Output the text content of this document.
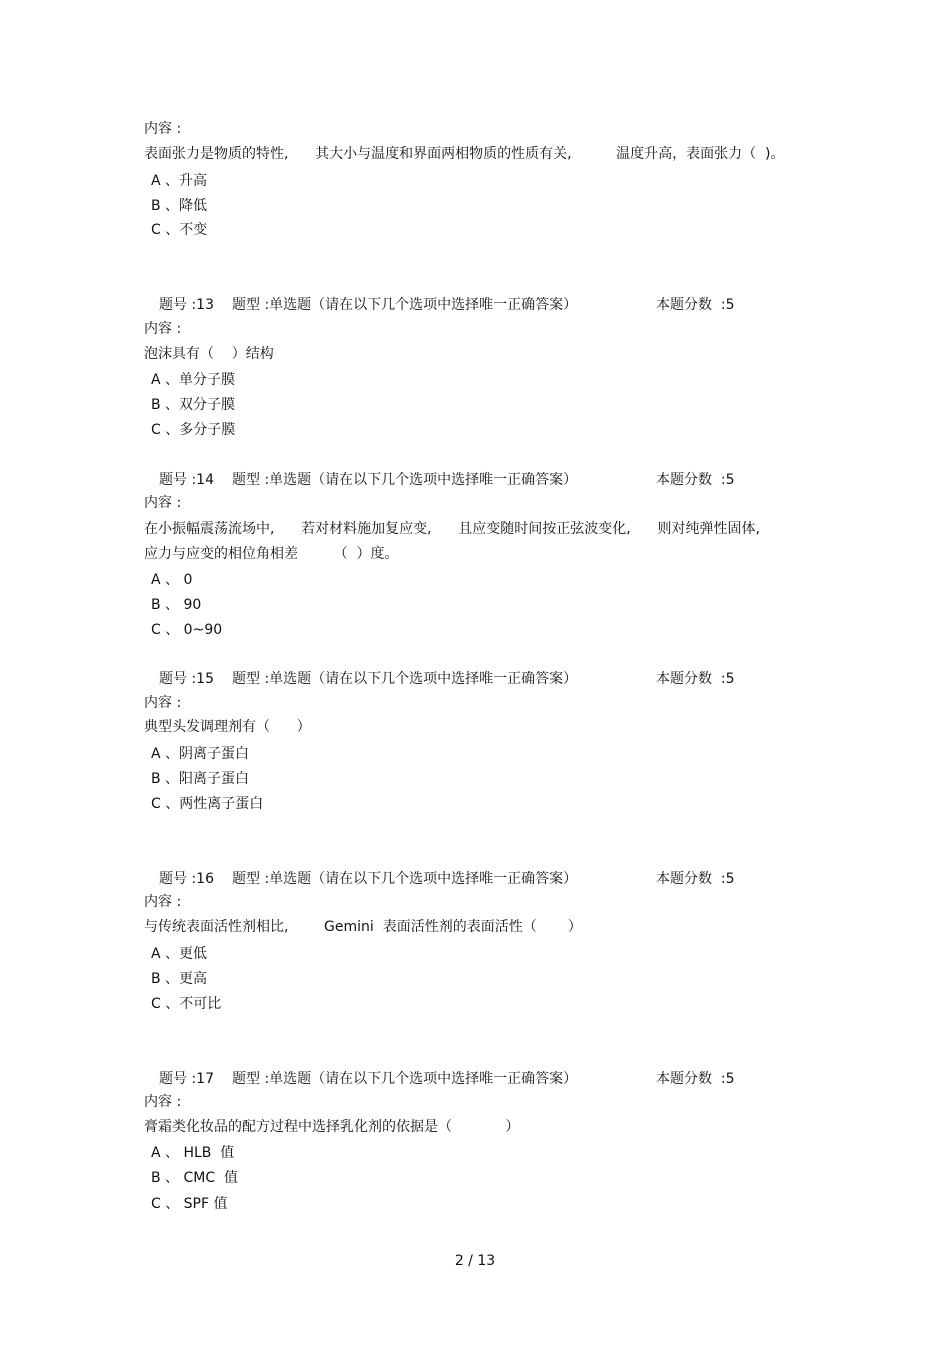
内容 :
表面张力是物质的特性,      其大小与温度和界面两相物质的性质有关,          温度升高，表面张力（  )。
A 、升高
B 、降低
C 、不变
题号 :13 题型 :单选题（请在以下几个选项中选择唯一正确答案）	本题分数  :5
内容 :
泡沫具有（    ）结构
A 、单分子膜
B 、双分子膜
C 、多分子膜
题号 :14 题型 :单选题（请在以下几个选项中选择唯一正确答案）	本题分数  :5
内容 :
在小振幅震荡流场中,      若对材料施加复应变,      且应变随时间按正弦波变化,      则对纯弹性固体,
应力与应变的相位角相差        （  ）度。
A 、 0
B 、 90
C 、 0~90
题号 :15 题型 :单选题（请在以下几个选项中选择唯一正确答案）	本题分数  :5
内容 :
典型头发调理剂有（      ）
A 、阴离子蛋白
B 、阳离子蛋白
C 、两性离子蛋白
题号 :16 题型 :单选题（请在以下几个选项中选择唯一正确答案）	本题分数  :5
内容 :
与传统表面活性剂相比,        Gemini  表面活性剂的表面活性（       ）
A 、更低
B 、更高
C 、不可比
题号 :17 题型 :单选题（请在以下几个选项中选择唯一正确答案）	本题分数  :5
内容 :
膏霜类化妆品的配方过程中选择乳化剂的依据是（            ）
A 、 HLB  值
B 、 CMC  值
C 、 SPF 值
2 / 13
